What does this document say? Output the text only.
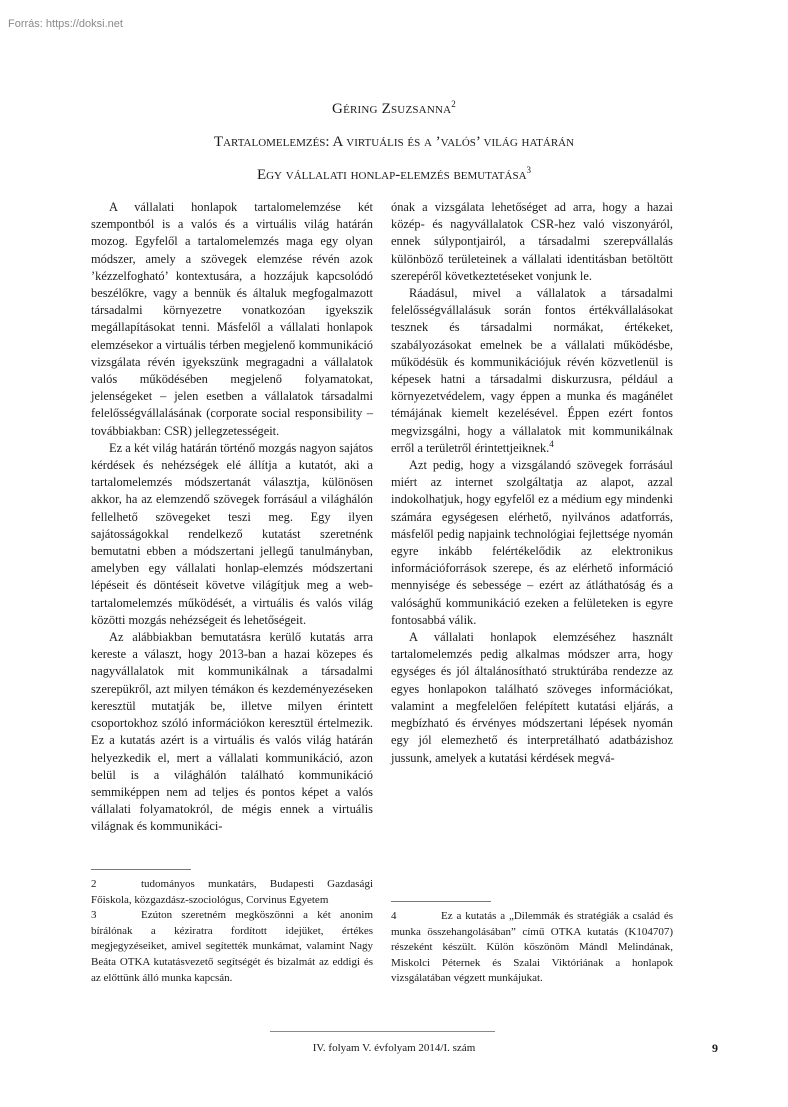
Forrás: https://doksi.net
Géring Zsuzsanna$^2$
Tartalomelemzés: A virtuális és a ’valós’ világ határán
Egy vállalati honlap-elemzés bemutatása$^3$

A vállalati honlapok tartalomelemzése két szempontból is a valós és a virtuális világ határán mozog. Egyfelől a tartalomelemzés maga egy olyan módszer, amely a szövegek elemzése révén azok ’kézzelfogható’ kontextusára, a hozzájuk kapcsolódó beszélőkre, vagy a bennük és általuk megfogalmazott társadalmi környezetre vonatkozóan igyekszik megállapításokat tenni. Másfelől a vállalati honlapok elemzésekor a virtuális térben megjelenő kommunikáció vizsgálata révén igyekszünk megragadni a vállalatok valós működésében megjelenő folyamatokat, jelenségeket – jelen esetben a vállalatok társadalmi felelősségvállalásának (corporate social responsibility – továbbiakban: CSR) jellegzetességeit.

Ez a két világ határán történő mozgás nagyon sajátos kérdések és nehézségek elé állítja a kutatót, aki a tartalomelemzés módszertanát választja, különösen akkor, ha az elemzendő szövegek forrásául a világhálón fellelhető szövegeket teszi meg. Egy ilyen sajátosságokkal rendelkező kutatást szeretnénk bemutatni ebben a módszertani jellegű tanulmányban, amelyben egy vállalati honlap-elemzés módszertani lépéseit és döntéseit követve világítjuk meg a web-tartalomelemzés működését, a virtuális és valós világ közötti mozgás nehézségeit és lehetőségeit.

Az alábbiakban bemutatásra kerülő kutatás arra kereste a választ, hogy 2013-ban a hazai közepes és nagyvállalatok mit kommunikálnak a társadalmi szerepükről, azt milyen témákon és kezdeményezéseken keresztül mutatják be, illetve milyen érintett csoportokhoz szóló információkon keresztül értelmezik. Ez a kutatás azért is a virtuális és valós világ határán helyezkedik el, mert a vállalati kommunikáció, azon belül is a világhálón található kommunikáció semmiképpen nem ad teljes és pontos képet a valós vállalati folyamatokról, de mégis ennek a virtuális világnak és kommunikáci-

ónak a vizsgálata lehetőséget ad arra, hogy a hazai közép- és nagyvállalatok CSR-hez való viszonyáról, ennek súlypontjairól, a társadalmi szerepvállalás különböző területeinek a vállalati identitásban betöltött szerepéről következtetéseket vonjunk le.

Ráadásul, mivel a vállalatok a társadalmi felelősségvállalásuk során fontos értékvállalásokat tesznek és társadalmi normákat, értékeket, szabályozásokat emelnek be a vállalati működésbe, működésük és kommunikációjuk révén közvetlenül is képesek hatni a társadalmi diskurzusra, például a környezetvédelem, vagy éppen a munka és magánélet témájának kiemelt kezelésével. Éppen ezért fontos megvizsgálni, hogy a vállalatok mit kommunikálnak erről a területről érintettjeiknek.$^4$

Azt pedig, hogy a vizsgálandó szövegek forrásául miért az internet szolgáltatja az alapot, azzal indokolhatjuk, hogy egyfelől ez a médium egy mindenki számára egységesen elérhető, nyilvános adatforrás, másfelől pedig napjaink technológiai fejlettsége nyomán egyre inkább felértékelődik az elektronikus információforrások szerepe, és az elérhető információ mennyisége és sebessége – ezért az átláthatóság és a valósághű kommunikáció ezeken a felületeken is egyre fontosabbá válik.

A vállalati honlapok elemzéséhez használt tartalomelemzés pedig alkalmas módszer arra, hogy egységes és jól általánosítható struktúrába rendezze az egyes honlapokon található szöveges információkat, valamint a megfelelően felépített kutatási eljárás, a megbízható és érvényes módszertani lépések nyomán egy jól elemezhető és interpretálható adatbázishoz jussunk, amelyek a kutatási kérdések megvá-

2	tudományos munkatárs, Budapesti Gazdasági Főiskola, közgazdász-szociológus, Corvinus Egyetem

3	Ezúton szeretném megköszönni a két anonim bírálónak a kéziratra fordított idejüket, értékes megjegyzéseiket, amivel segítették munkámat, valamint Nagy Beáta OTKA kutatásvezető segítségét és bizalmát az eddigi és az előttünk álló munka kapcsán.

4	Ez a kutatás a „Dilemmák és stratégiák a család és munka összehangolásában” című OTKA kutatás (K104707) részeként készült. Külön köszönöm Mándl Melindának, Miskolci Péternek és Szalai Viktóriának a honlapok vizsgálatában végzett munkájukat.

IV. folyam V. évfolyam 2014/I. szám	9
